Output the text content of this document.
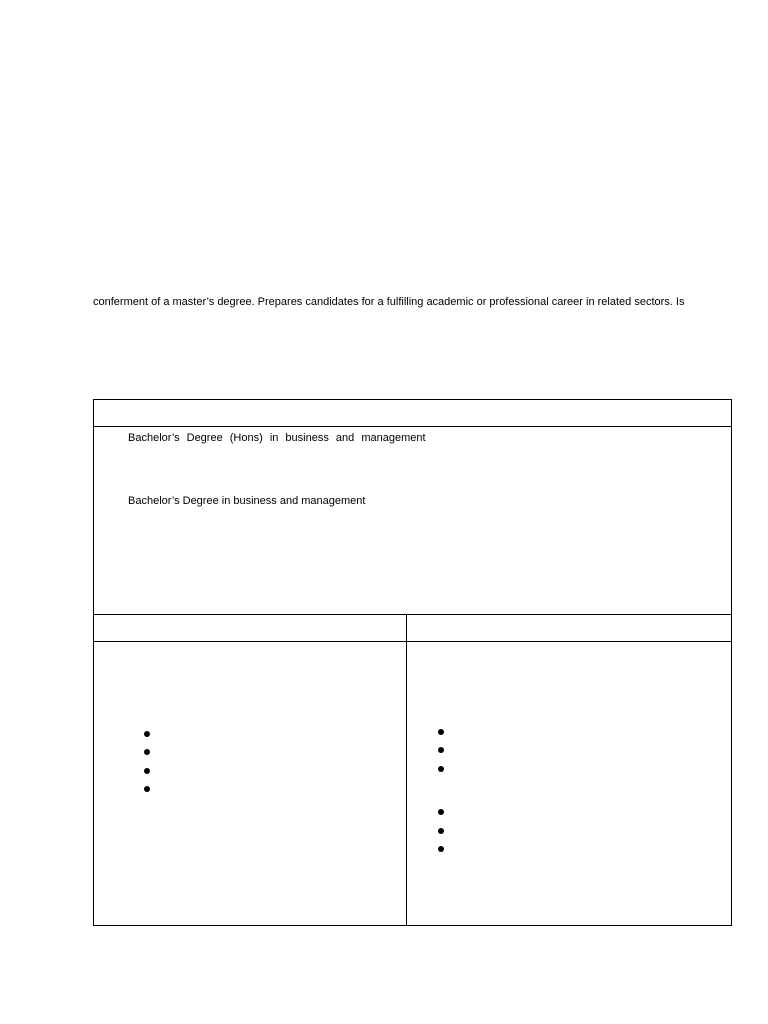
conferment of a master’s degree. Prepares candidates for a fulfilling academic or professional career in related sectors. Is
Bachelor’s Degree (Hons) in business and management
Bachelor’s Degree in business and management
